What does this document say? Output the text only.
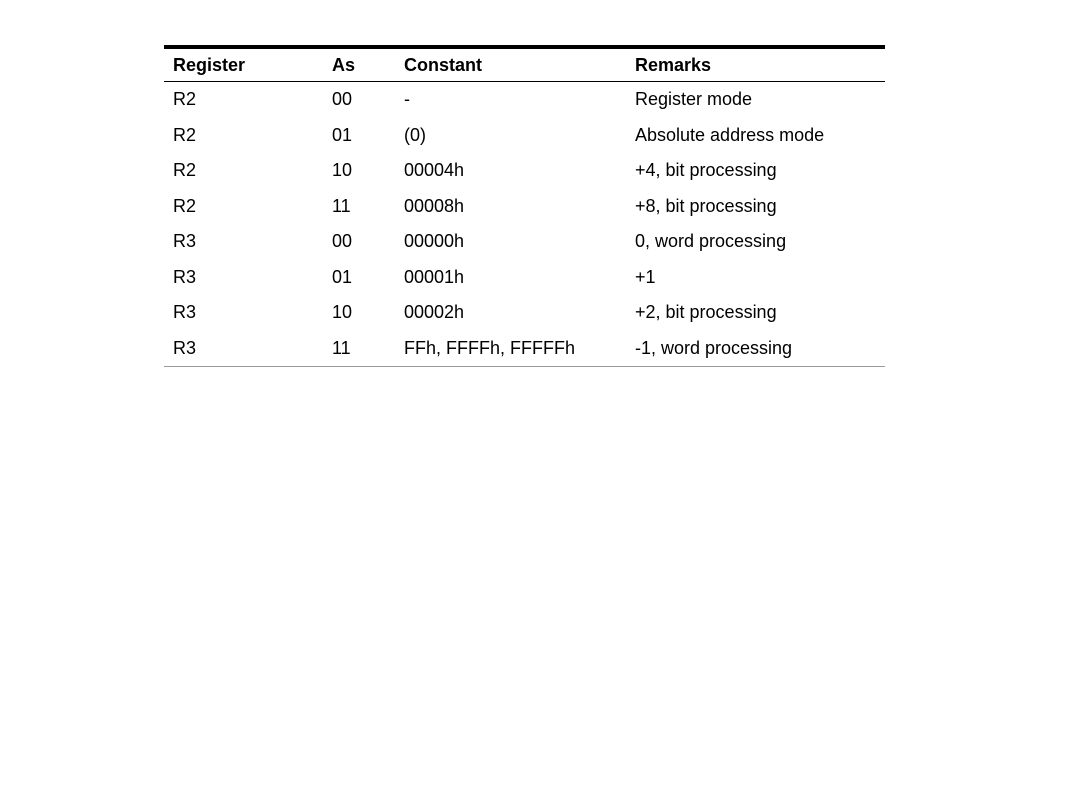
Register	As	Constant	Remarks
R2	00	-	Register mode
R2	01	(0)	Absolute address mode
R2	10	00004h	+4, bit processing
R2	11	00008h	+8, bit processing
R3	00	00000h	0, word processing
R3	01	00001h	+1
R3	10	00002h	+2, bit processing
R3	11	FFh, FFFFh, FFFFFh	-1, word processing
